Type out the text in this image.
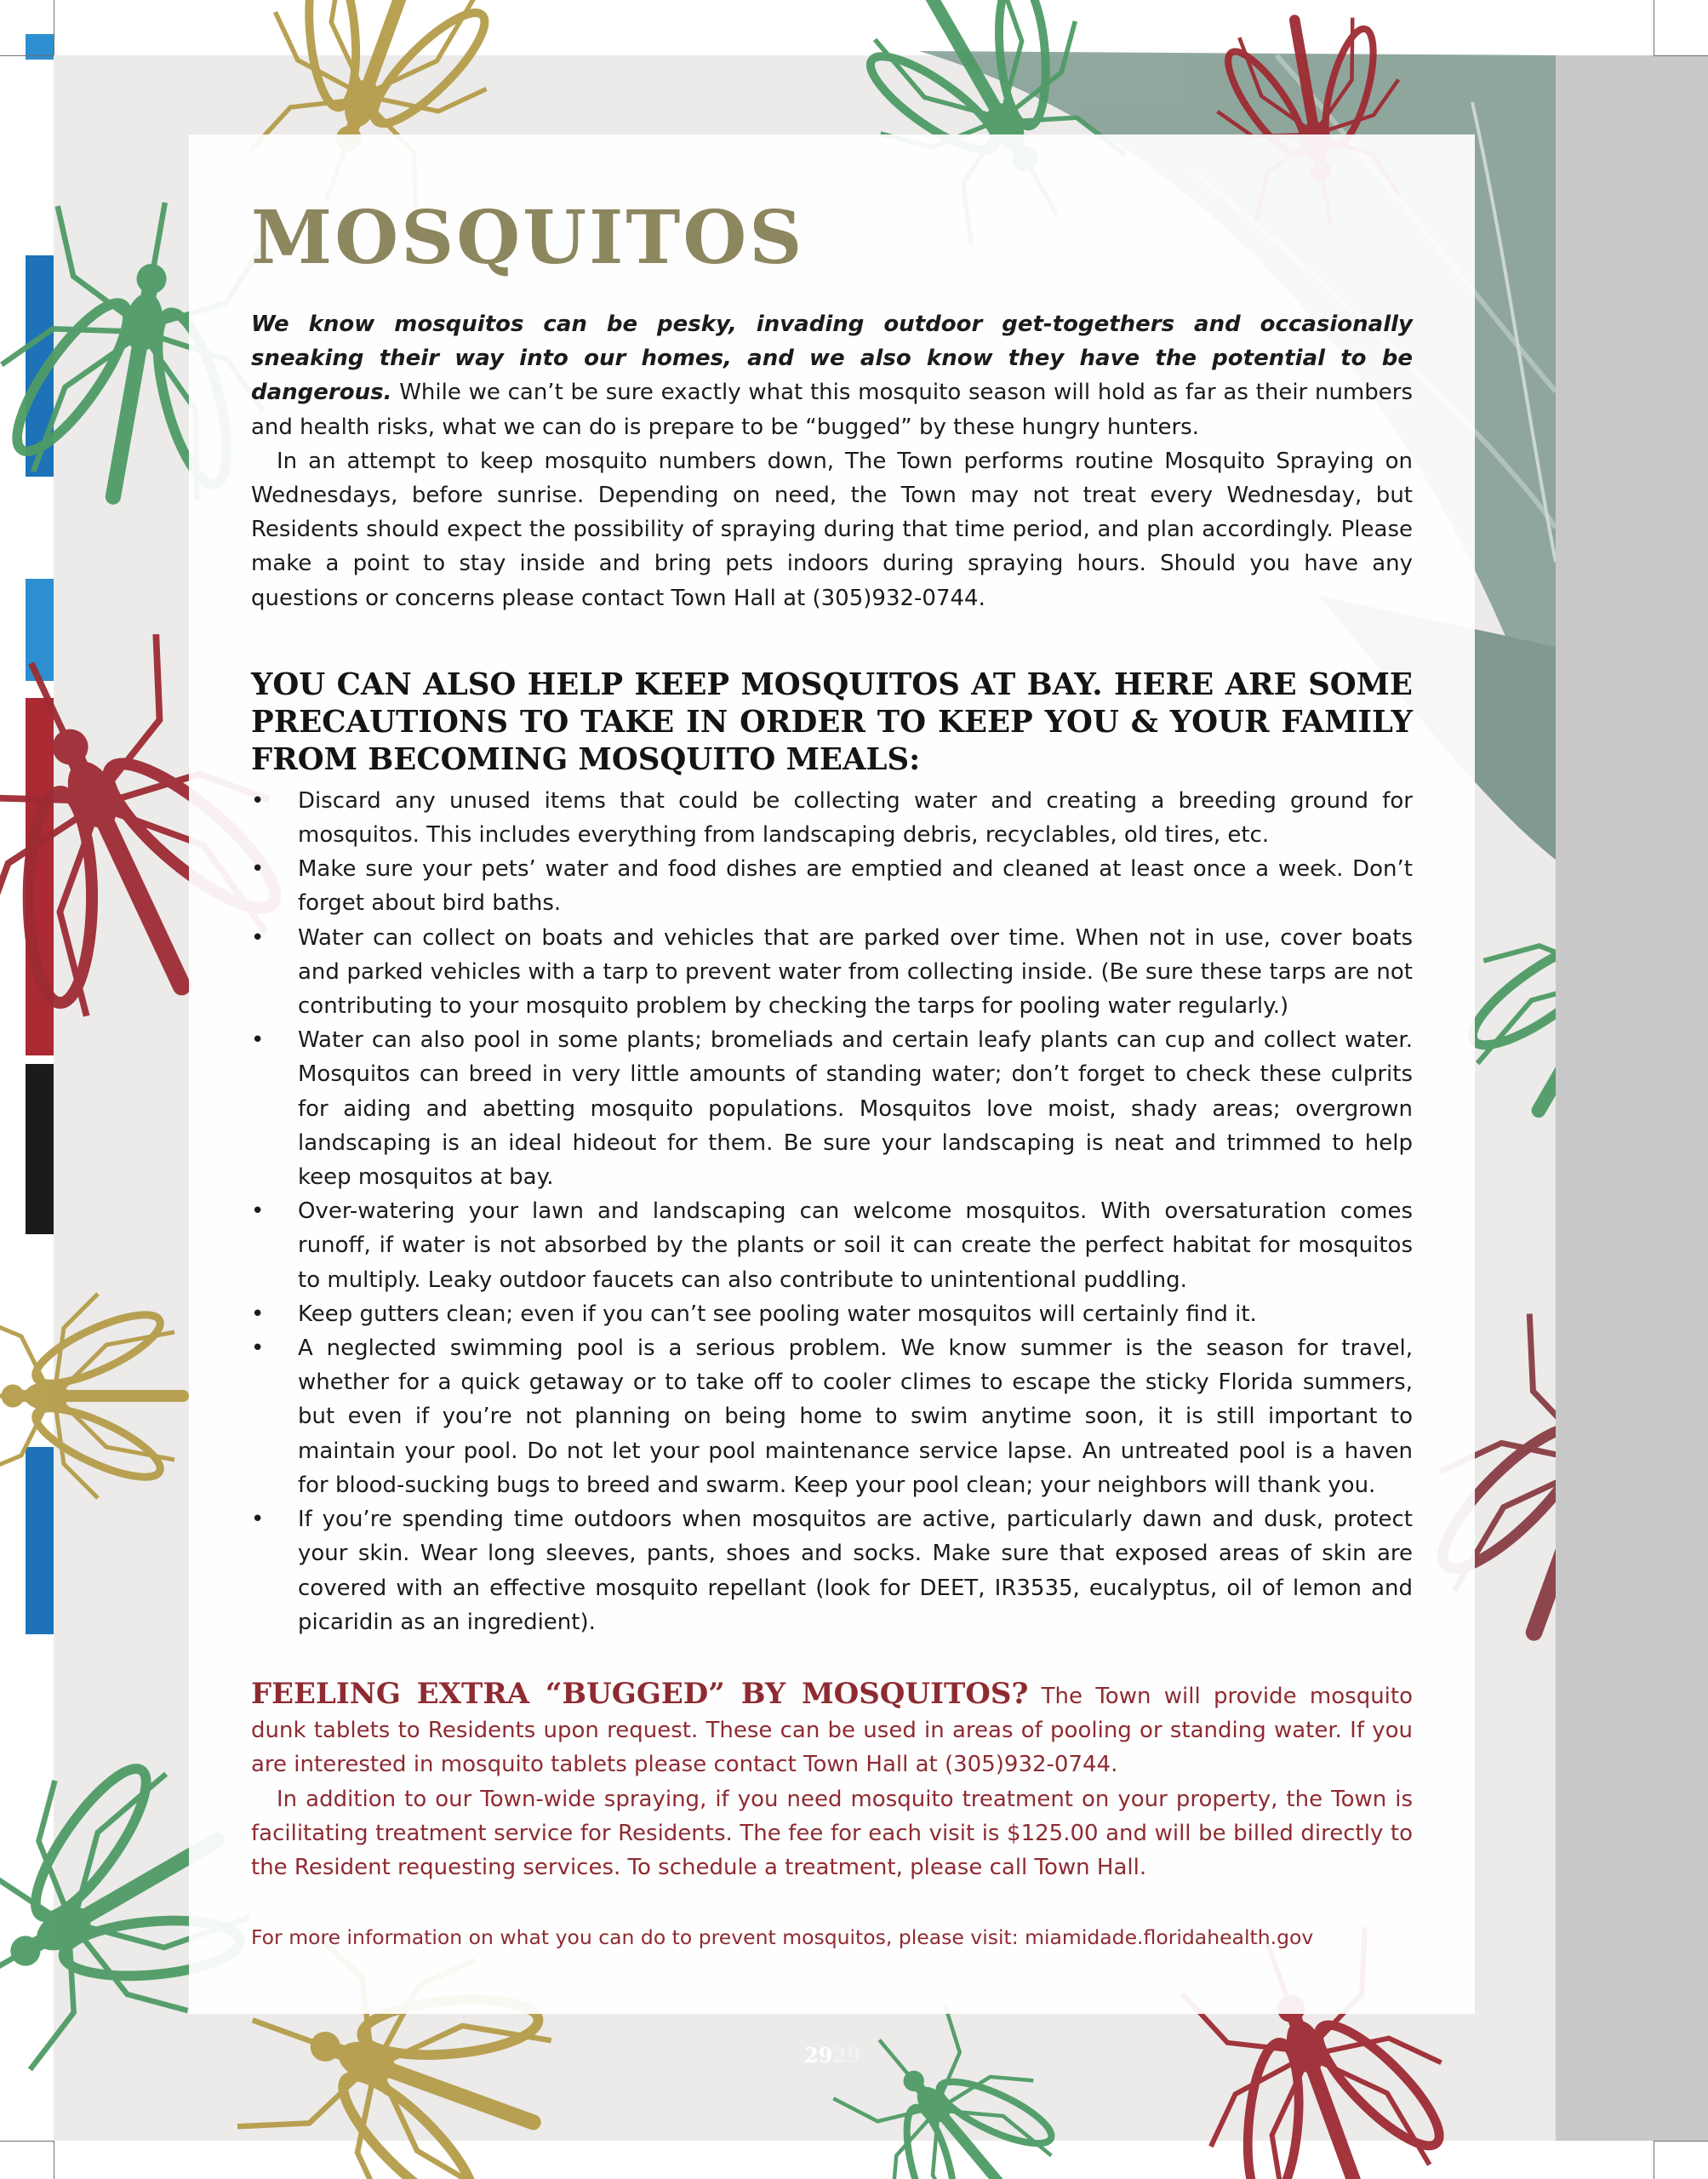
MOSQUITOS

We know mosquitos can be pesky, invading outdoor get-togethers and occasionally sneaking their way into our homes, and we also know they have the potential to be dangerous. While we can’t be sure exactly what this mosquito season will hold as far as their numbers and health risks, what we can do is prepare to be “bugged” by these hungry hunters.

In an attempt to keep mosquito numbers down, The Town performs routine Mosquito Spraying on Wednesdays, before sunrise. Depending on need, the Town may not treat every Wednesday, but Residents should expect the possibility of spraying during that time period, and plan accordingly. Please make a point to stay inside and bring pets indoors during spraying hours. Should you have any questions or concerns please contact Town Hall at (305)932-0744.

YOU CAN ALSO HELP KEEP MOSQUITOS AT BAY. HERE ARE SOME PRECAUTIONS TO TAKE IN ORDER TO KEEP YOU & YOUR FAMILY FROM BECOMING MOSQUITO MEALS:
• Discard any unused items that could be collecting water and creating a breeding ground for mosquitos. This includes everything from landscaping debris, recyclables, old tires, etc.
• Make sure your pets’ water and food dishes are emptied and cleaned at least once a week. Don’t forget about bird baths.
• Water can collect on boats and vehicles that are parked over time. When not in use, cover boats and parked vehicles with a tarp to prevent water from collecting inside. (Be sure these tarps are not contributing to your mosquito problem by checking the tarps for pooling water regularly.)
• Water can also pool in some plants; bromeliads and certain leafy plants can cup and collect water. Mosquitos can breed in very little amounts of standing water; don’t forget to check these culprits for aiding and abetting mosquito populations. Mosquitos love moist, shady areas; overgrown landscaping is an ideal hideout for them. Be sure your landscaping is neat and trimmed to help keep mosquitos at bay.
• Over-watering your lawn and landscaping can welcome mosquitos. With oversaturation comes runoff, if water is not absorbed by the plants or soil it can create the perfect habitat for mosquitos to multiply. Leaky outdoor faucets can also contribute to unintentional puddling.
• Keep gutters clean; even if you can’t see pooling water mosquitos will certainly find it.
• A neglected swimming pool is a serious problem. We know summer is the season for travel, whether for a quick getaway or to take off to cooler climes to escape the sticky Florida summers, but even if you’re not planning on being home to swim anytime soon, it is still important to maintain your pool. Do not let your pool maintenance service lapse. An untreated pool is a haven for blood-sucking bugs to breed and swarm. Keep your pool clean; your neighbors will thank you.
• If you’re spending time outdoors when mosquitos are active, particularly dawn and dusk, protect your skin. Wear long sleeves, pants, shoes and socks. Make sure that exposed areas of skin are covered with an effective mosquito repellant (look for DEET, IR3535, eucalyptus, oil of lemon and picaridin as an ingredient).

FEELING EXTRA “BUGGED” BY MOSQUITOS? The Town will provide mosquito dunk tablets to Residents upon request. These can be used in areas of pooling or standing water. If you are interested in mosquito tablets please contact Town Hall at (305)932-0744.

In addition to our Town-wide spraying, if you need mosquito treatment on your property, the Town is facilitating treatment service for Residents. The fee for each visit is $125.00 and will be billed directly to the Resident requesting services. To schedule a treatment, please call Town Hall.

For more information on what you can do to prevent mosquitos, please visit: miamidade.floridahealth.gov
2929
